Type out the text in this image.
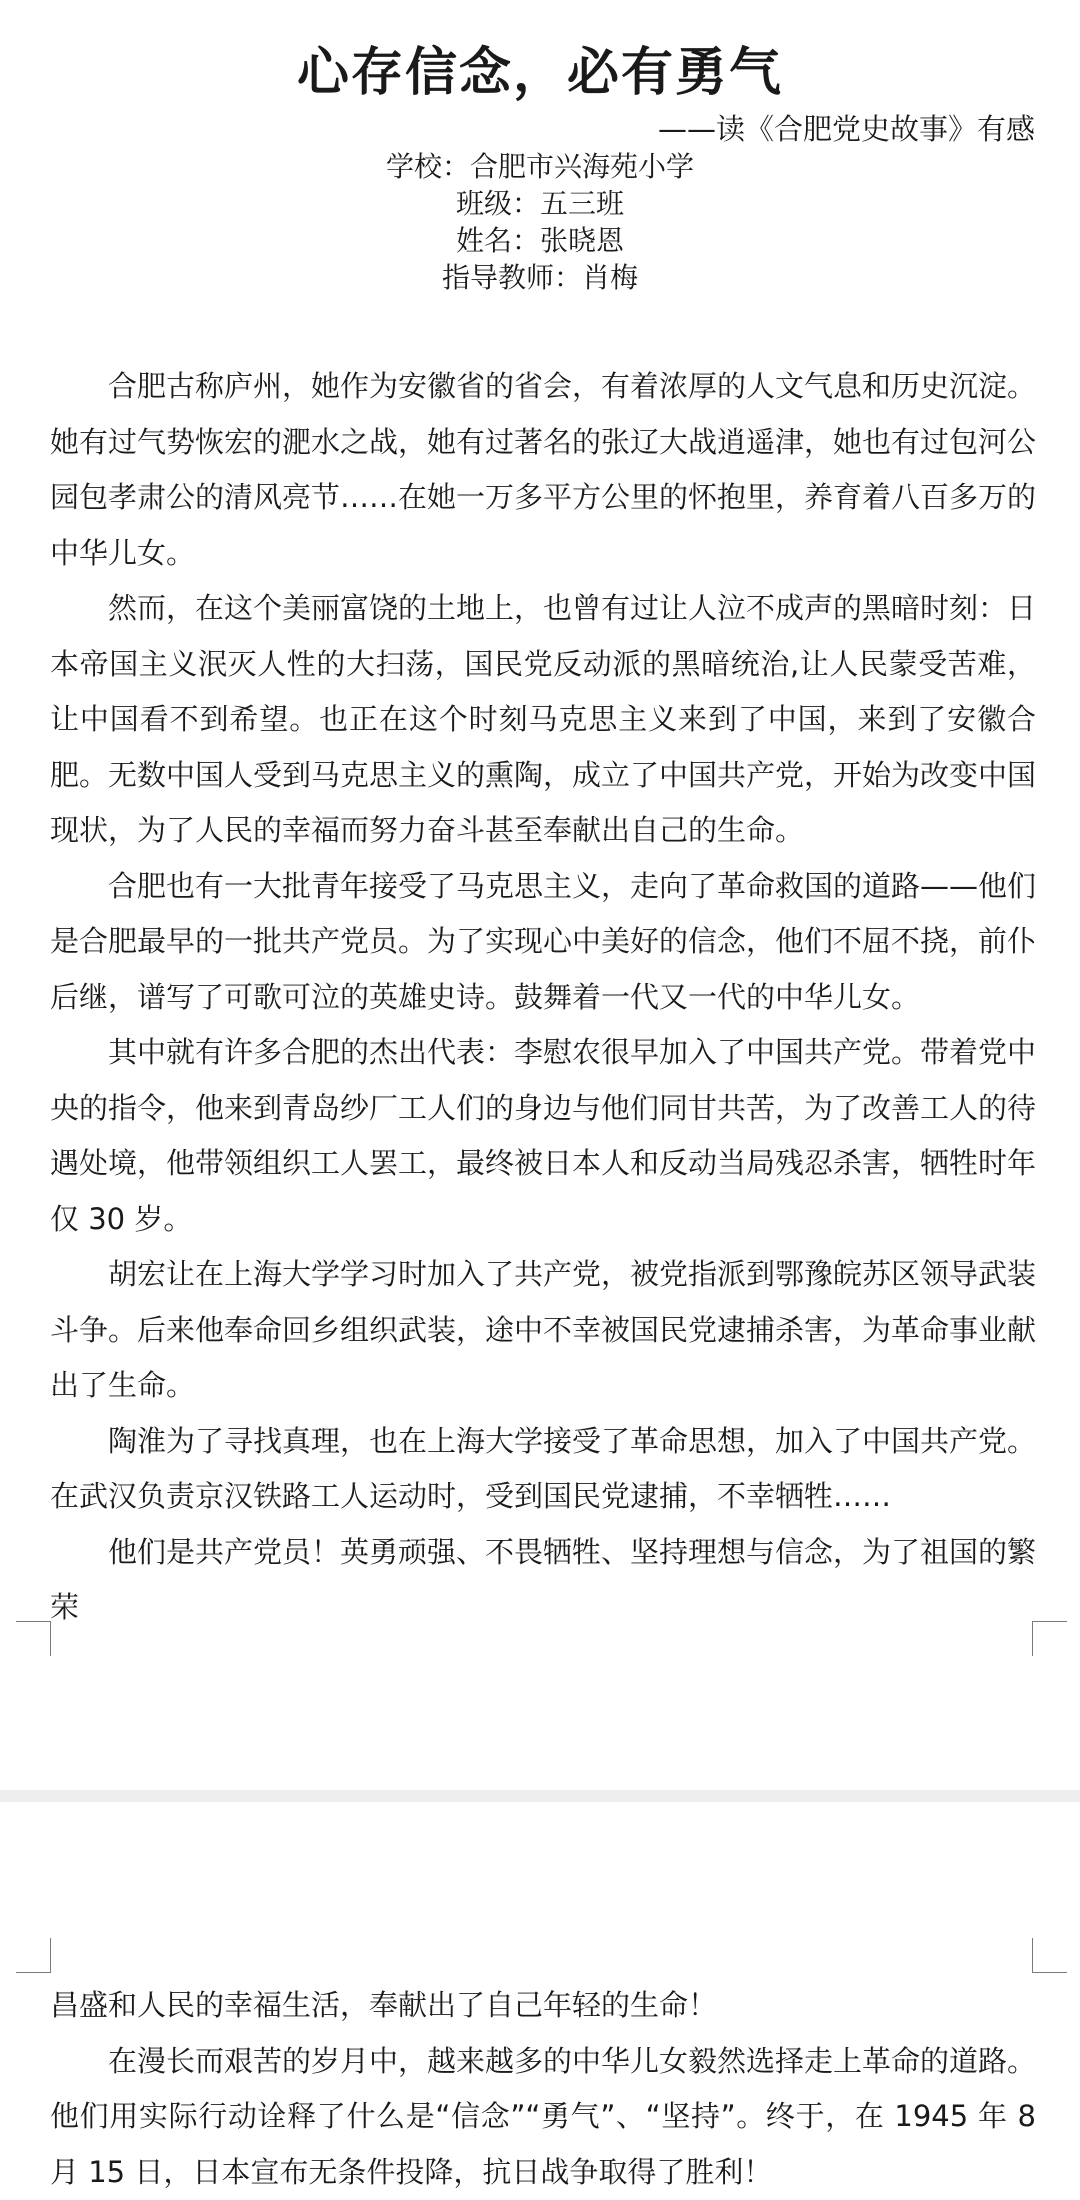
心存信念，必有勇气
——读《合肥党史故事》有感
学校：合肥市兴海苑小学
班级：五三班
姓名：张晓恩
指导教师：肖梅

合肥古称庐州，她作为安徽省的省会，有着浓厚的人文气息和历史沉淀。她有过气势恢宏的淝水之战，她有过著名的张辽大战逍遥津，她也有过包河公园包孝肃公的清风亮节……在她一万多平方公里的怀抱里，养育着八百多万的中华儿女。

然而，在这个美丽富饶的土地上，也曾有过让人泣不成声的黑暗时刻：日本帝国主义泯灭人性的大扫荡，国民党反动派的黑暗统治,让人民蒙受苦难，让中国看不到希望。也正在这个时刻马克思主义来到了中国，来到了安徽合肥。无数中国人受到马克思主义的熏陶，成立了中国共产党，开始为改变中国现状，为了人民的幸福而努力奋斗甚至奉献出自己的生命。

合肥也有一大批青年接受了马克思主义，走向了革命救国的道路——他们是合肥最早的一批共产党员。为了实现心中美好的信念，他们不屈不挠，前仆后继，谱写了可歌可泣的英雄史诗。鼓舞着一代又一代的中华儿女。

其中就有许多合肥的杰出代表：李慰农很早加入了中国共产党。带着党中央的指令，他来到青岛纱厂工人们的身边与他们同甘共苦，为了改善工人的待遇处境，他带领组织工人罢工，最终被日本人和反动当局残忍杀害，牺牲时年仅 30 岁。

胡宏让在上海大学学习时加入了共产党，被党指派到鄂豫皖苏区领导武装斗争。后来他奉命回乡组织武装，途中不幸被国民党逮捕杀害，为革命事业献出了生命。

陶淮为了寻找真理，也在上海大学接受了革命思想，加入了中国共产党。在武汉负责京汉铁路工人运动时，受到国民党逮捕，不幸牺牲……

他们是共产党员！英勇顽强、不畏牺牲、坚持理想与信念，为了祖国的繁荣

昌盛和人民的幸福生活，奉献出了自己年轻的生命！

在漫长而艰苦的岁月中，越来越多的中华儿女毅然选择走上革命的道路。他们用实际行动诠释了什么是“信念”“勇气”、“坚持”。终于，在 1945 年 8 月 15 日，日本宣布无条件投降，抗日战争取得了胜利！
